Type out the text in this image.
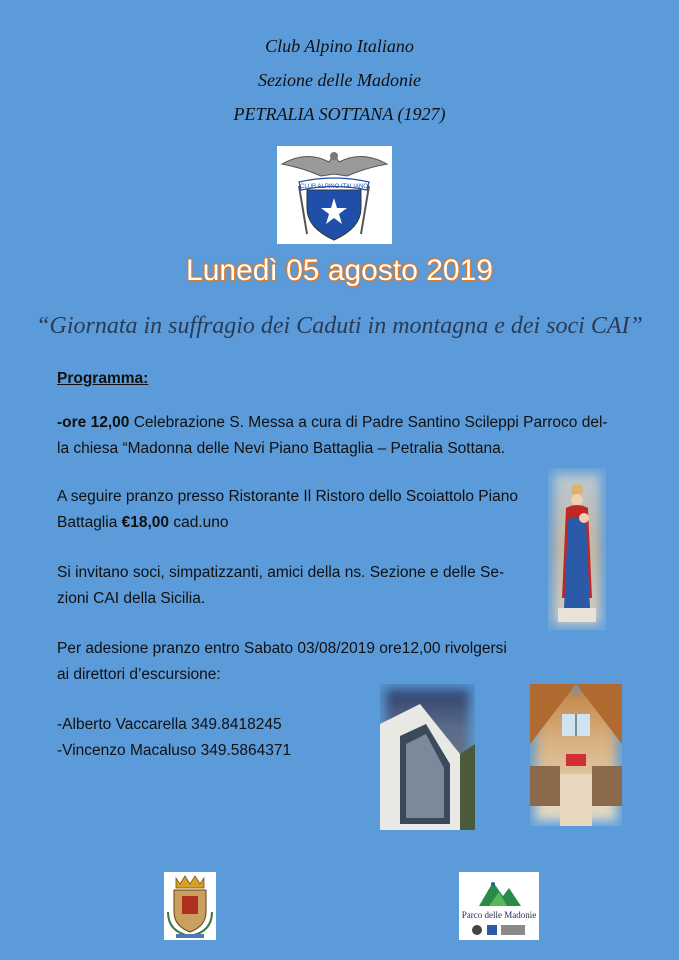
Club Alpino Italiano
Sezione delle Madonie
PETRALIA SOTTANA (1927)
CLUB ALPINO ITALIANO
Lunedì 05 agosto 2019
“Giornata in suffragio dei Caduti in montagna e dei soci CAI”
Programma:
-ore 12,00 Celebrazione S. Messa a cura di Padre Santino Scileppi Parroco del-
la chiesa “Madonna delle Nevi Piano Battaglia – Petralia Sottana.
A seguire pranzo presso Ristorante Il Ristoro dello Scoiattolo Piano
Battaglia €18,00 cad.uno
Si invitano soci, simpatizzanti, amici della ns. Sezione e delle Se-
zioni CAI della Sicilia.
Per adesione pranzo entro Sabato 03/08/2019 ore12,00 rivolgersi
ai direttori d’escursione:
-Alberto Vaccarella 349.8418245
-Vincenzo Macaluso 349.5864371
Parco delle Madonie
